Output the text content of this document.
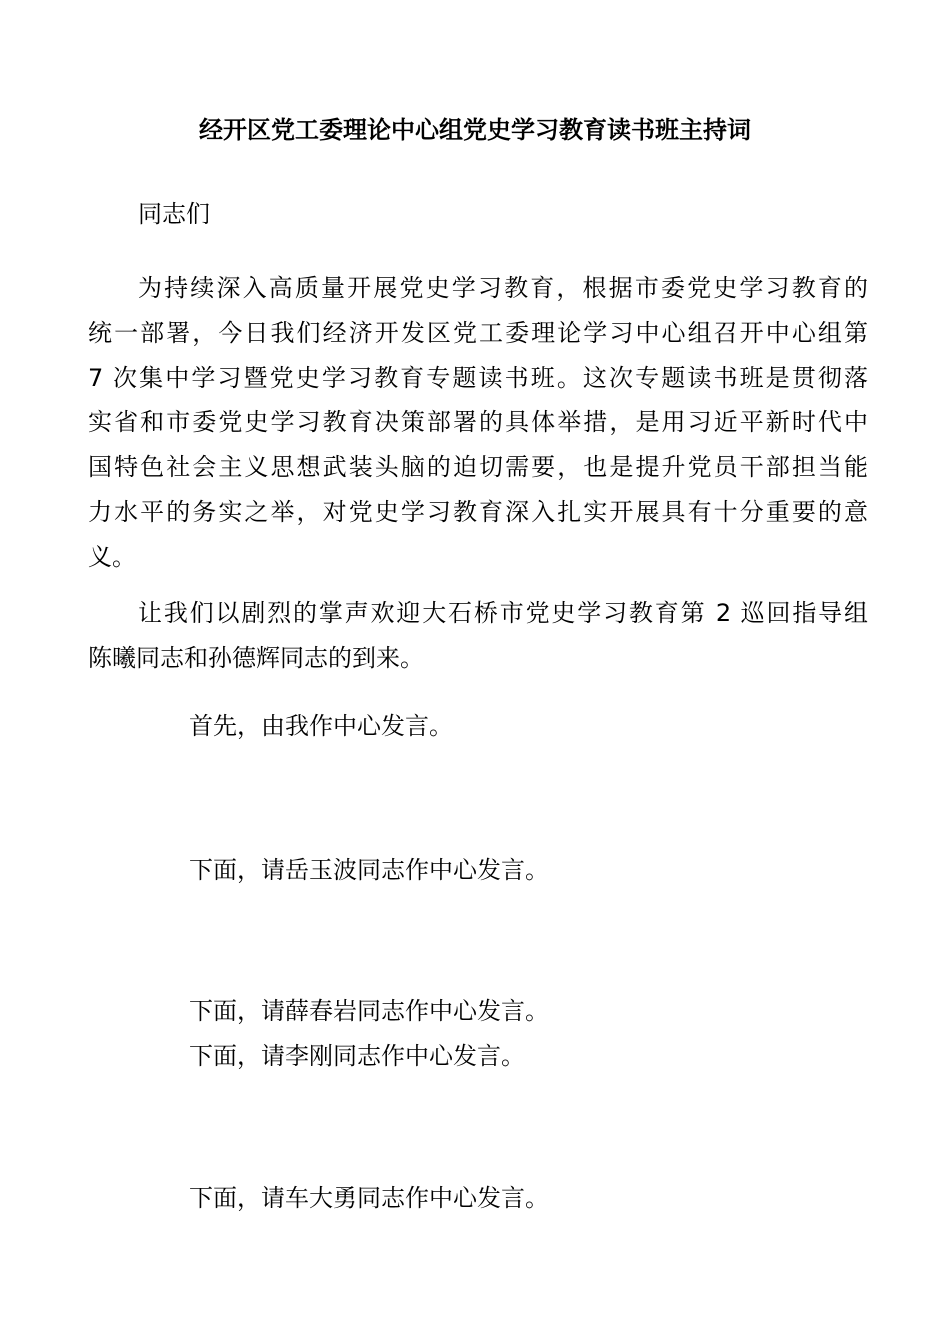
经开区党工委理论中心组党史学习教育读书班主持词
同志们
为持续深入高质量开展党史学习教育，根据市委党史学习教育的
统一部署，今日我们经济开发区党工委理论学习中心组召开中心组第
7 次集中学习暨党史学习教育专题读书班。这次专题读书班是贯彻落
实省和市委党史学习教育决策部署的具体举措，是用习近平新时代中
国特色社会主义思想武装头脑的迫切需要，也是提升党员干部担当能
力水平的务实之举，对党史学习教育深入扎实开展具有十分重要的意
义。
让我们以剧烈的掌声欢迎大石桥市党史学习教育第 2 巡回指导组
陈曦同志和孙德辉同志的到来。
首先，由我作中心发言。
下面，请岳玉波同志作中心发言。
下面，请薛春岩同志作中心发言。
下面，请李刚同志作中心发言。
下面，请车大勇同志作中心发言。
